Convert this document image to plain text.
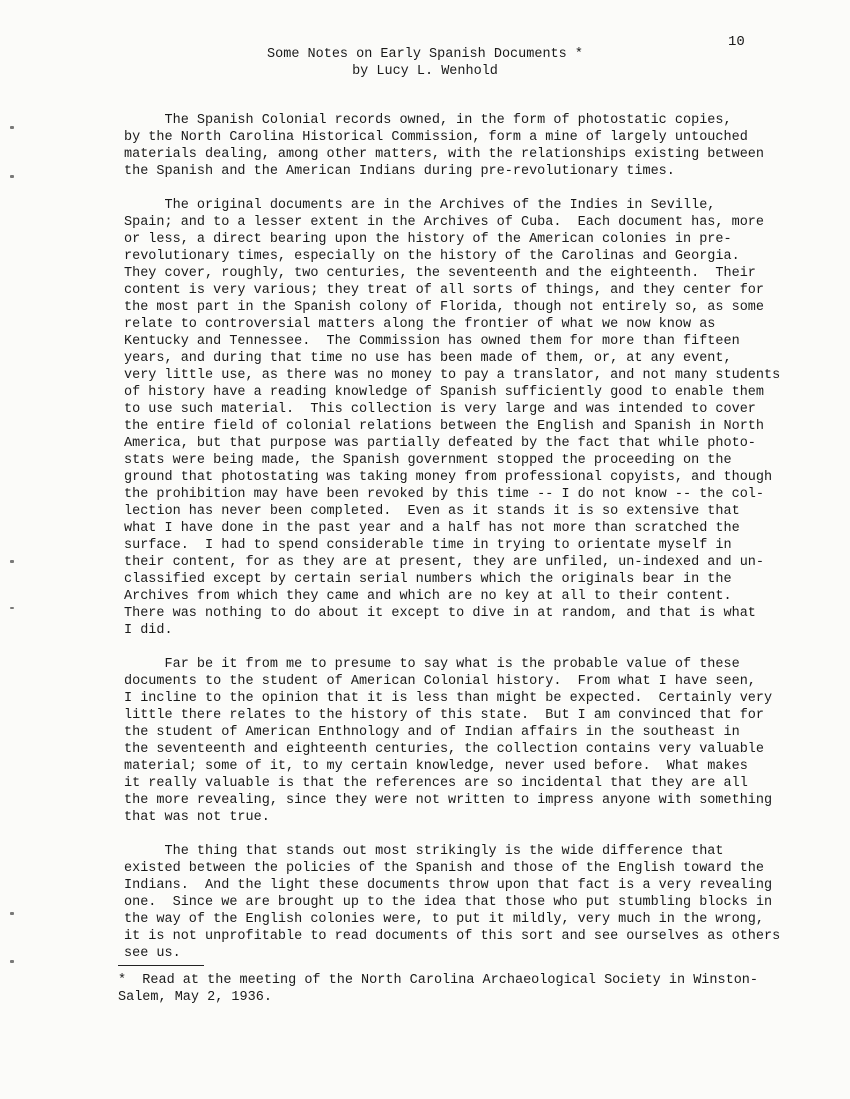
10
Some Notes on Early Spanish Documents *
by Lucy L. Wenhold
The Spanish Colonial records owned, in the form of photostatic copies,
by the North Carolina Historical Commission, form a mine of largely untouched
materials dealing, among other matters, with the relationships existing between
the Spanish and the American Indians during pre-revolutionary times.
The original documents are in the Archives of the Indies in Seville,
Spain; and to a lesser extent in the Archives of Cuba.  Each document has, more
or less, a direct bearing upon the history of the American colonies in pre-
revolutionary times, especially on the history of the Carolinas and Georgia.
They cover, roughly, two centuries, the seventeenth and the eighteenth.  Their
content is very various; they treat of all sorts of things, and they center for
the most part in the Spanish colony of Florida, though not entirely so, as some
relate to controversial matters along the frontier of what we now know as
Kentucky and Tennessee.  The Commission has owned them for more than fifteen
years, and during that time no use has been made of them, or, at any event,
very little use, as there was no money to pay a translator, and not many students
of history have a reading knowledge of Spanish sufficiently good to enable them
to use such material.  This collection is very large and was intended to cover
the entire field of colonial relations between the English and Spanish in North
America, but that purpose was partially defeated by the fact that while photo-
stats were being made, the Spanish government stopped the proceeding on the
ground that photostating was taking money from professional copyists, and though
the prohibition may have been revoked by this time -- I do not know -- the col-
lection has never been completed.  Even as it stands it is so extensive that
what I have done in the past year and a half has not more than scratched the
surface.  I had to spend considerable time in trying to orientate myself in
their content, for as they are at present, they are unfiled, un-indexed and un-
classified except by certain serial numbers which the originals bear in the
Archives from which they came and which are no key at all to their content.
There was nothing to do about it except to dive in at random, and that is what
I did.
Far be it from me to presume to say what is the probable value of these
documents to the student of American Colonial history.  From what I have seen,
I incline to the opinion that it is less than might be expected.  Certainly very
little there relates to the history of this state.  But I am convinced that for
the student of American Enthnology and of Indian affairs in the southeast in
the seventeenth and eighteenth centuries, the collection contains very valuable
material; some of it, to my certain knowledge, never used before.  What makes
it really valuable is that the references are so incidental that they are all
the more revealing, since they were not written to impress anyone with something
that was not true.
The thing that stands out most strikingly is the wide difference that
existed between the policies of the Spanish and those of the English toward the
Indians.  And the light these documents throw upon that fact is a very revealing
one.  Since we are brought up to the idea that those who put stumbling blocks in
the way of the English colonies were, to put it mildly, very much in the wrong,
it is not unprofitable to read documents of this sort and see ourselves as others
see us.
*  Read at the meeting of the North Carolina Archaeological Society in Winston-
Salem, May 2, 1936.
